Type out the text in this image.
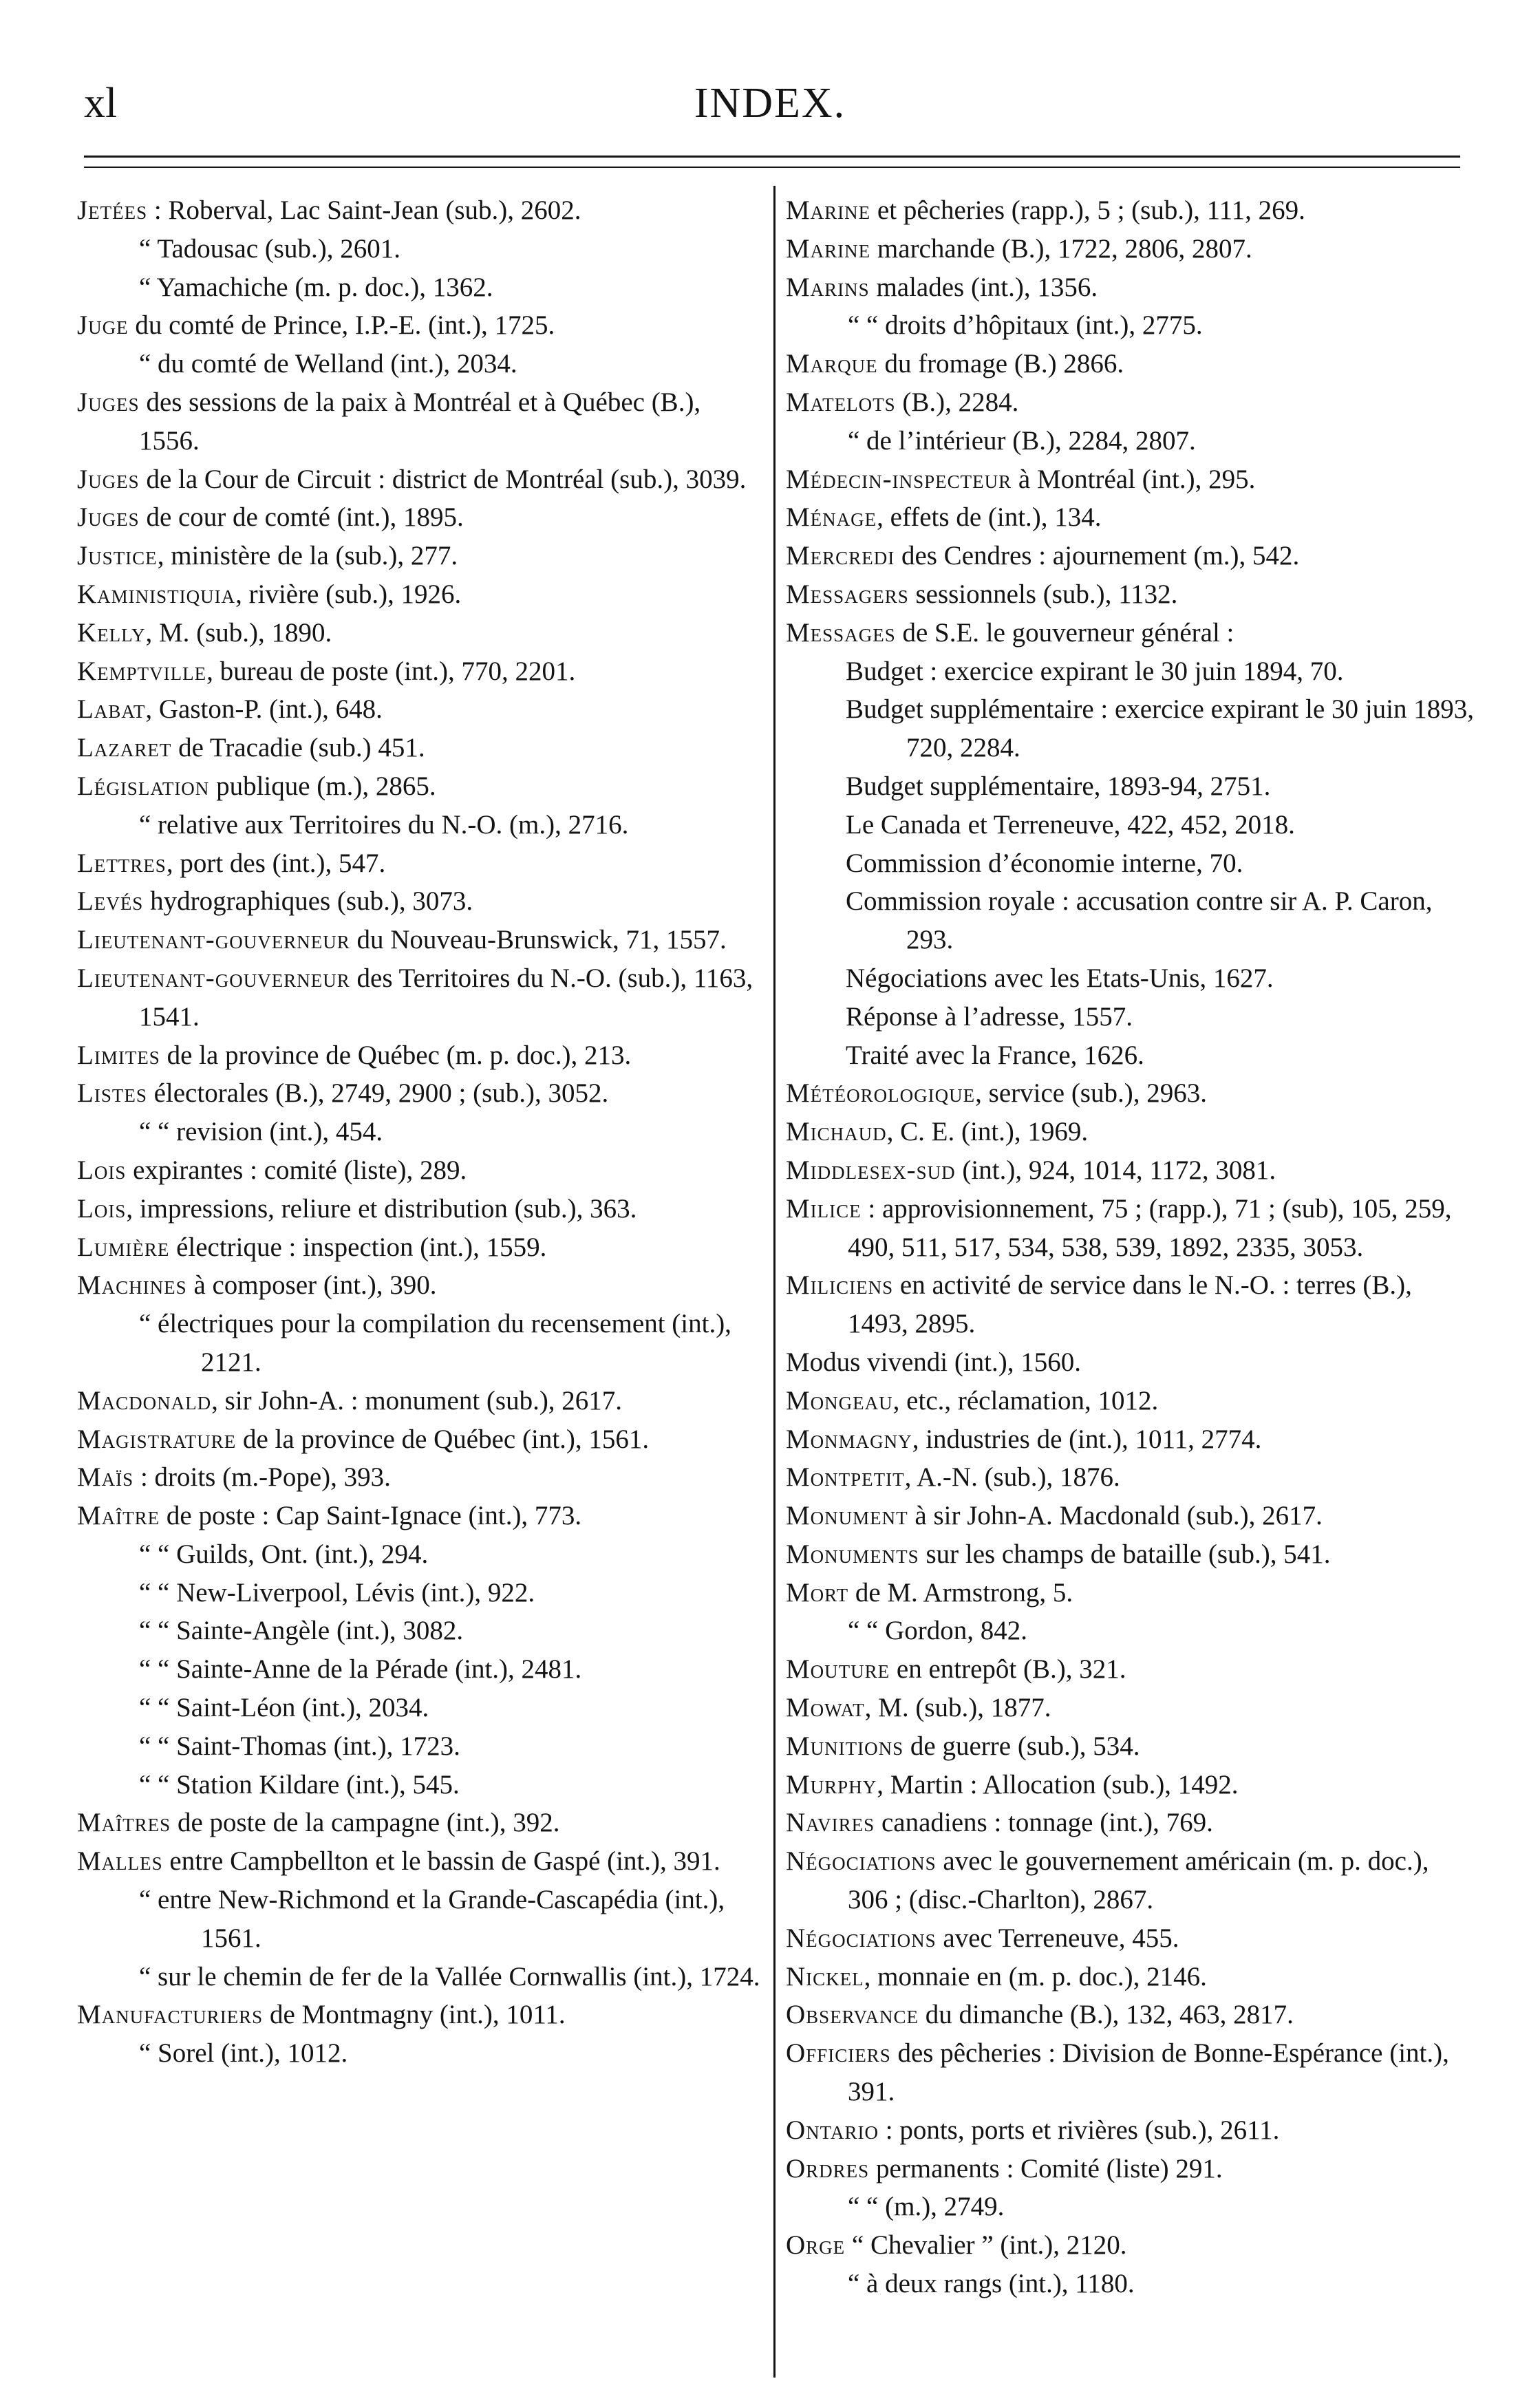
xl	INDEX.

Jetées : Roberval, Lac Saint-Jean (sub.), 2602.

“ Tadousac (sub.), 2601.

“ Yamachiche (m. p. doc.), 1362.

Juge du comté de Prince, I.P.-E. (int.), 1725.

“ du comté de Welland (int.), 2034.

Juges des sessions de la paix à Montréal et à Québec (B.), 1556.

Juges de la Cour de Circuit : district de Montréal (sub.), 3039.

Juges de cour de comté (int.), 1895.

Justice, ministère de la (sub.), 277.

Kaministiquia, rivière (sub.), 1926.

Kelly, M. (sub.), 1890.

Kemptville, bureau de poste (int.), 770, 2201.

Labat, Gaston-P. (int.), 648.

Lazaret de Tracadie (sub.) 451.

Législation publique (m.), 2865.

“ relative aux Territoires du N.-O. (m.), 2716.

Lettres, port des (int.), 547.

Levés hydrographiques (sub.), 3073.

Lieutenant-gouverneur du Nouveau-Brunswick, 71, 1557.

Lieutenant-gouverneur des Territoires du N.-O. (sub.), 1163, 1541.

Limites de la province de Québec (m. p. doc.), 213.

Listes électorales (B.), 2749, 2900 ; (sub.), 3052.

“ “ revision (int.), 454.

Lois expirantes : comité (liste), 289.

Lois, impressions, reliure et distribution (sub.), 363.

Lumière électrique : inspection (int.), 1559.

Machines à composer (int.), 390.

“ électriques pour la compilation du recensement (int.), 2121.

Macdonald, sir John-A. : monument (sub.), 2617.

Magistrature de la province de Québec (int.), 1561.

Maïs : droits (m.-Pope), 393.

Maître de poste : Cap Saint-Ignace (int.), 773.

“ “ Guilds, Ont. (int.), 294.

“ “ New-Liverpool, Lévis (int.), 922.

“ “ Sainte-Angèle (int.), 3082.

“ “ Sainte-Anne de la Pérade (int.), 2481.

“ “ Saint-Léon (int.), 2034.

“ “ Saint-Thomas (int.), 1723.

“ “ Station Kildare (int.), 545.

Maîtres de poste de la campagne (int.), 392.

Malles entre Campbellton et le bassin de Gaspé (int.), 391.

“ entre New-Richmond et la Grande-Cascapédia (int.), 1561.

“ sur le chemin de fer de la Vallée Cornwallis (int.), 1724.

Manufacturiers de Montmagny (int.), 1011.

“ Sorel (int.), 1012.

Marine et pêcheries (rapp.), 5 ; (sub.), 111, 269.

Marine marchande (B.), 1722, 2806, 2807.

Marins malades (int.), 1356.

“ “ droits d’hôpitaux (int.), 2775.

Marque du fromage (B.) 2866.

Matelots (B.), 2284.

“ de l’intérieur (B.), 2284, 2807.

Médecin-inspecteur à Montréal (int.), 295.

Ménage, effets de (int.), 134.

Mercredi des Cendres : ajournement (m.), 542.

Messagers sessionnels (sub.), 1132.

Messages de S.E. le gouverneur général :

Budget : exercice expirant le 30 juin 1894, 70.

Budget supplémentaire : exercice expirant le 30 juin 1893, 720, 2284.

Budget supplémentaire, 1893-94, 2751.

Le Canada et Terreneuve, 422, 452, 2018.

Commission d’économie interne, 70.

Commission royale : accusation contre sir A. P. Caron, 293.

Négociations avec les Etats-Unis, 1627.

Réponse à l’adresse, 1557.

Traité avec la France, 1626.

Météorologique, service (sub.), 2963.

Michaud, C. E. (int.), 1969.

Middlesex-sud (int.), 924, 1014, 1172, 3081.

Milice : approvisionnement, 75 ; (rapp.), 71 ; (sub), 105, 259, 490, 511, 517, 534, 538, 539, 1892, 2335, 3053.

Miliciens en activité de service dans le N.-O. : terres (B.), 1493, 2895.

Modus vivendi (int.), 1560.

Mongeau, etc., réclamation, 1012.

Monmagny, industries de (int.), 1011, 2774.

Montpetit, A.-N. (sub.), 1876.

Monument à sir John-A. Macdonald (sub.), 2617.

Monuments sur les champs de bataille (sub.), 541.

Mort de M. Armstrong, 5.

“ “ Gordon, 842.

Mouture en entrepôt (B.), 321.

Mowat, M. (sub.), 1877.

Munitions de guerre (sub.), 534.

Murphy, Martin : Allocation (sub.), 1492.

Navires canadiens : tonnage (int.), 769.

Négociations avec le gouvernement américain (m. p. doc.), 306 ; (disc.-Charlton), 2867.

Négociations avec Terreneuve, 455.

Nickel, monnaie en (m. p. doc.), 2146.

Observance du dimanche (B.), 132, 463, 2817.

Officiers des pêcheries : Division de Bonne-Espérance (int.), 391.

Ontario : ponts, ports et rivières (sub.), 2611.

Ordres permanents : Comité (liste) 291.

“ “ (m.), 2749.

Orge “ Chevalier ” (int.), 2120.

“ à deux rangs (int.), 1180.
